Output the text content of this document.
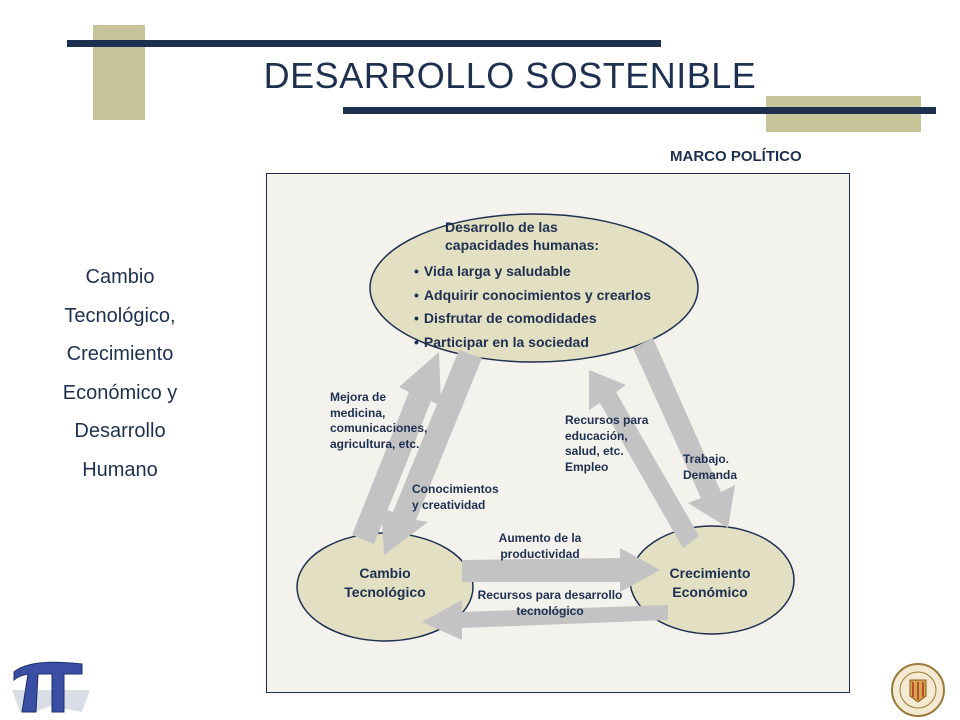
DESARROLLO SOSTENIBLE
MARCO POLÍTICO
Cambio
Tecnológico,
Crecimiento
Económico y
Desarrollo
Humano
Desarrollo de las
capacidades humanas:
• Vida larga y saludable
• Adquirir conocimientos y crearlos
• Disfrutar de comodidades
• Participar en la sociedad
Cambio
Tecnológico
Crecimiento
Económico
Mejora de
medicina,
comunicaciones,
agricultura, etc.
Conocimientos
y creatividad
Recursos para
educación,
salud, etc.
Empleo
Trabajo.
Demanda
Aumento de la
productividad
Recursos para desarrollo
tecnológico
